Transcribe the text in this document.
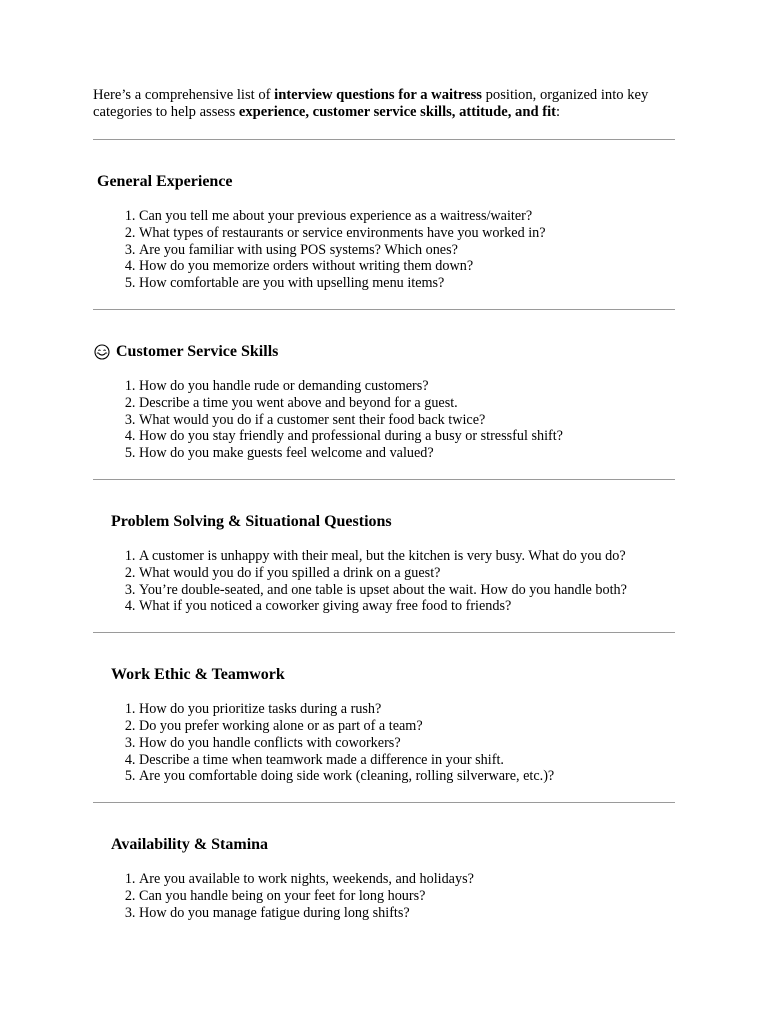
Here’s a comprehensive list of interview questions for a waitress position, organized into key categories to help assess experience, customer service skills, attitude, and fit:

General Experience
1. Can you tell me about your previous experience as a waitress/waiter?
2. What types of restaurants or service environments have you worked in?
3. Are you familiar with using POS systems? Which ones?
4. How do you memorize orders without writing them down?
5. How comfortable are you with upselling menu items?
Customer Service Skills
1. How do you handle rude or demanding customers?
2. Describe a time you went above and beyond for a guest.
3. What would you do if a customer sent their food back twice?
4. How do you stay friendly and professional during a busy or stressful shift?
5. How do you make guests feel welcome and valued?
Problem Solving & Situational Questions
1. A customer is unhappy with their meal, but the kitchen is very busy. What do you do?
2. What would you do if you spilled a drink on a guest?
3. You’re double-seated, and one table is upset about the wait. How do you handle both?
4. What if you noticed a coworker giving away free food to friends?
Work Ethic & Teamwork
1. How do you prioritize tasks during a rush?
2. Do you prefer working alone or as part of a team?
3. How do you handle conflicts with coworkers?
4. Describe a time when teamwork made a difference in your shift.
5. Are you comfortable doing side work (cleaning, rolling silverware, etc.)?
Availability & Stamina
1. Are you available to work nights, weekends, and holidays?
2. Can you handle being on your feet for long hours?
3. How do you manage fatigue during long shifts?
